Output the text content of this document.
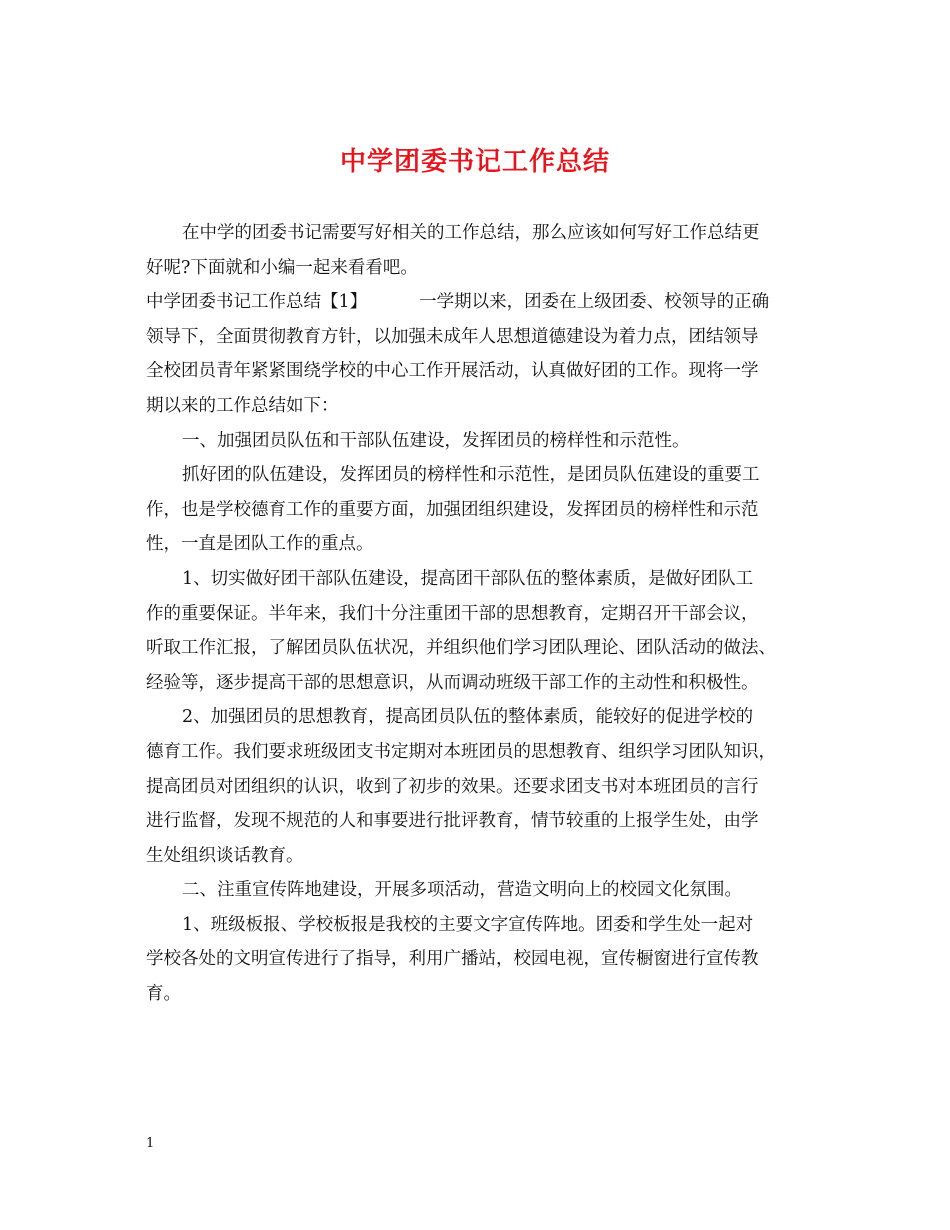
中学团委书记工作总结
在中学的团委书记需要写好相关的工作总结，那么应该如何写好工作总结更
好呢?下面就和小编一起来看看吧。
中学团委书记工作总结【1】	一学期以来，团委在上级团委、校领导的正确
领导下，全面贯彻教育方针，以加强未成年人思想道德建设为着力点，团结领导
全校团员青年紧紧围绕学校的中心工作开展活动，认真做好团的工作。现将一学
期以来的工作总结如下：
一、加强团员队伍和干部队伍建设，发挥团员的榜样性和示范性。
抓好团的队伍建设，发挥团员的榜样性和示范性，是团员队伍建设的重要工
作，也是学校德育工作的重要方面，加强团组织建设，发挥团员的榜样性和示范
性，一直是团队工作的重点。
1、切实做好团干部队伍建设，提高团干部队伍的整体素质，是做好团队工
作的重要保证。半年来，我们十分注重团干部的思想教育，定期召开干部会议，
听取工作汇报，了解团员队伍状况，并组织他们学习团队理论、团队活动的做法、
经验等，逐步提高干部的思想意识，从而调动班级干部工作的主动性和积极性。
2、加强团员的思想教育，提高团员队伍的整体素质，能较好的促进学校的
德育工作。我们要求班级团支书定期对本班团员的思想教育、组织学习团队知识，
提高团员对团组织的认识，收到了初步的效果。还要求团支书对本班团员的言行
进行监督，发现不规范的人和事要进行批评教育，情节较重的上报学生处，由学
生处组织谈话教育。
二、注重宣传阵地建设，开展多项活动，营造文明向上的校园文化氛围。
1、班级板报、学校板报是我校的主要文字宣传阵地。团委和学生处一起对
学校各处的文明宣传进行了指导，利用广播站，校园电视，宣传橱窗进行宣传教
育。
1
